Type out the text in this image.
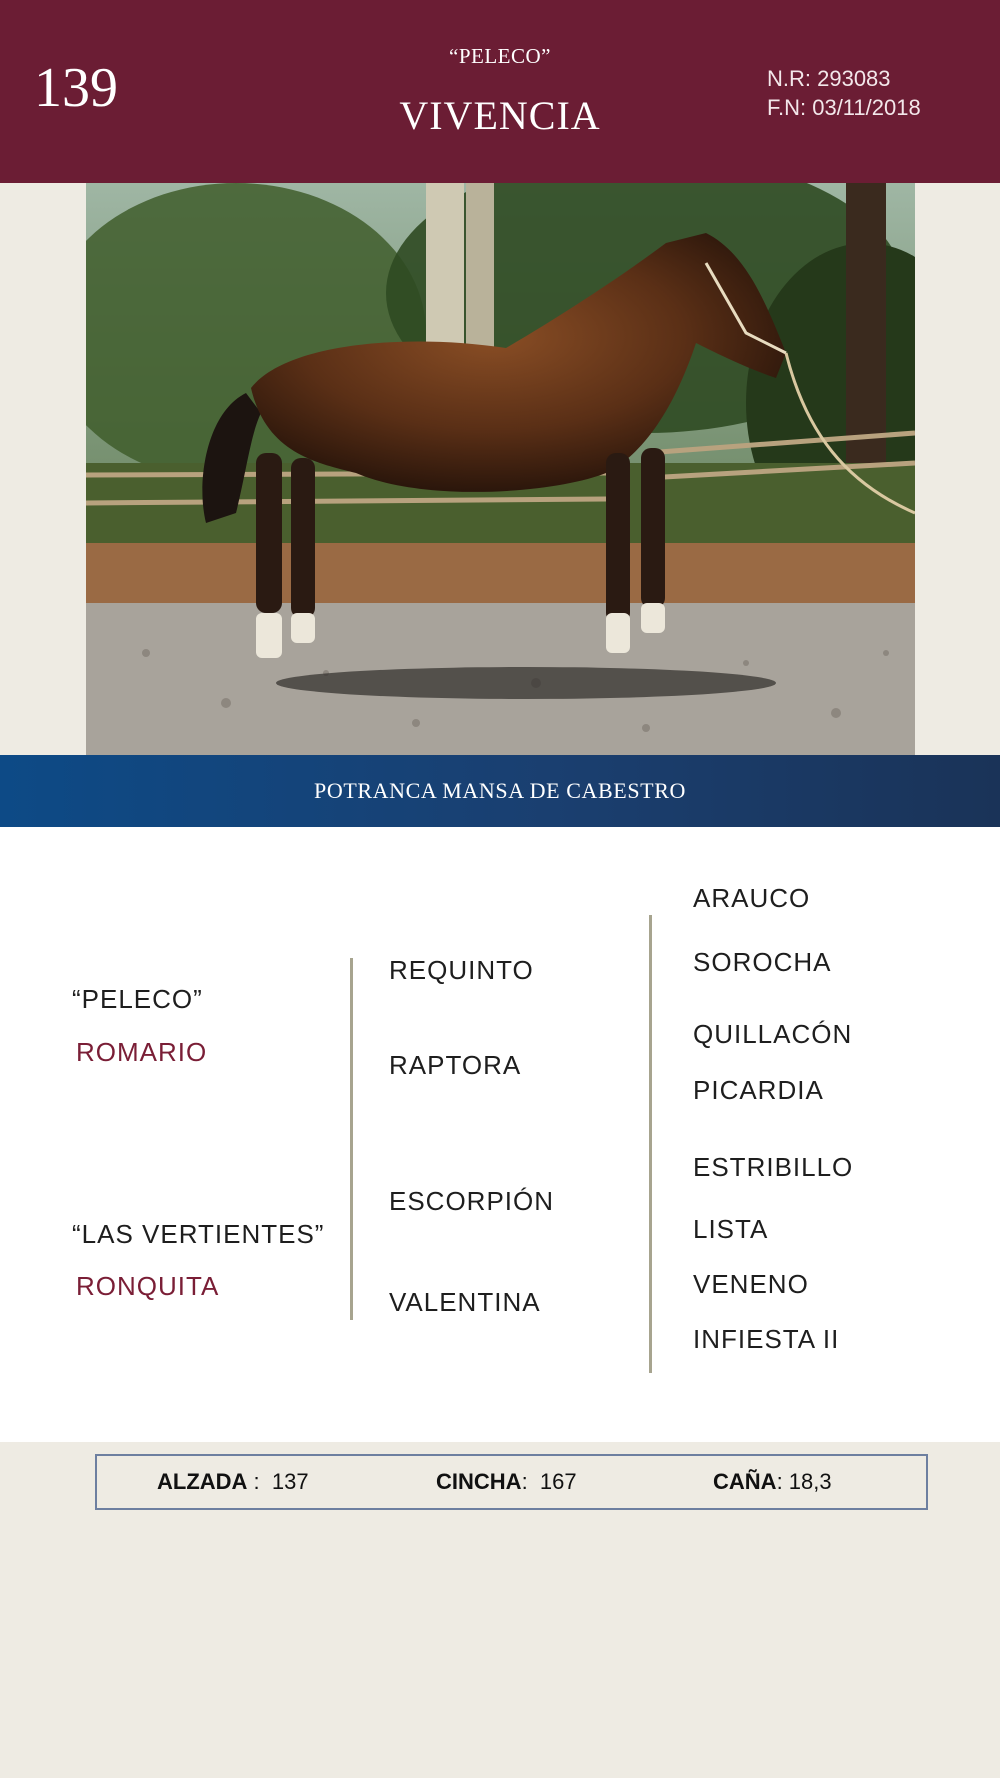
139
“PELECO”
VIVENCIA
N.R: 293083
F.N: 03/11/2018
POTRANCA MANSA DE CABESTRO
“PELECO”
ROMARIO
“LAS VERTIENTES”
RONQUITA
REQUINTO
RAPTORA
ESCORPIÓN
VALENTINA
ARAUCO
SOROCHA
QUILLACÓN
PICARDIA
ESTRIBILLO
LISTA
VENENO
INFIESTA II
ALZADA :  137	CINCHA:  167	CAÑA: 18,3
